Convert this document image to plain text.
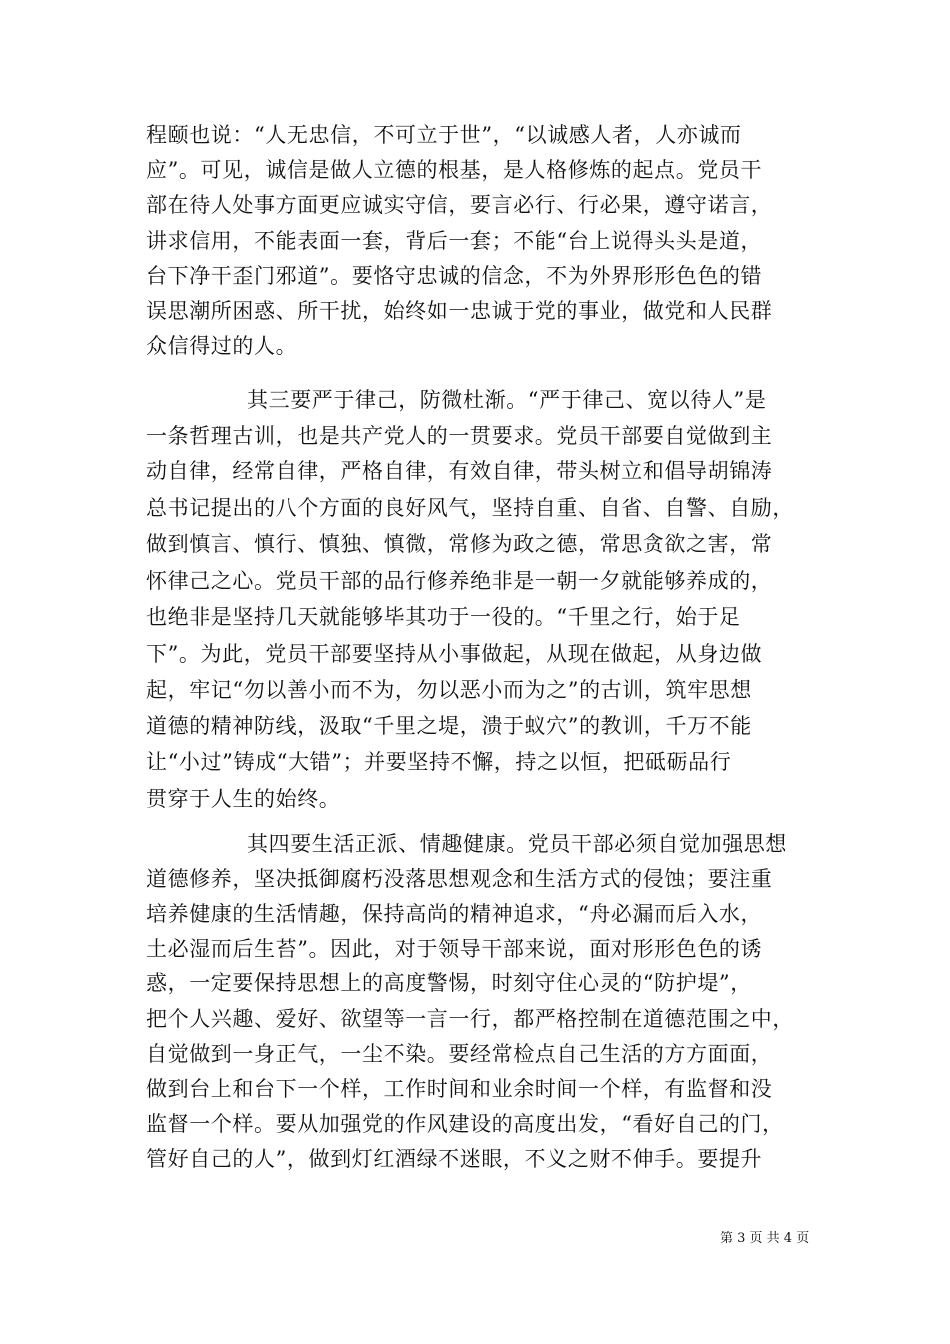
程颐也说：“人无忠信，不可立于世”，“以诚感人者，人亦诚而
应”。可见，诚信是做人立德的根基，是人格修炼的起点。党员干
部在待人处事方面更应诚实守信，要言必行、行必果，遵守诺言，
讲求信用，不能表面一套，背后一套；不能“台上说得头头是道，
台下净干歪门邪道”。要恪守忠诚的信念，不为外界形形色色的错
误思潮所困惑、所干扰，始终如一忠诚于党的事业，做党和人民群
众信得过的人。
其三要严于律己，防微杜渐。“严于律己、宽以待人”是
一条哲理古训，也是共产党人的一贯要求。党员干部要自觉做到主
动自律，经常自律，严格自律，有效自律，带头树立和倡导胡锦涛
总书记提出的八个方面的良好风气，坚持自重、自省、自警、自励，
做到慎言、慎行、慎独、慎微，常修为政之德，常思贪欲之害，常
怀律己之心。党员干部的品行修养绝非是一朝一夕就能够养成的，
也绝非是坚持几天就能够毕其功于一役的。“千里之行，始于足
下”。为此，党员干部要坚持从小事做起，从现在做起，从身边做
起，牢记“勿以善小而不为，勿以恶小而为之”的古训，筑牢思想
道德的精神防线，汲取“千里之堤，溃于蚁穴”的教训，千万不能
让“小过”铸成“大错”；并要坚持不懈，持之以恒，把砥砺品行
贯穿于人生的始终。
其四要生活正派、情趣健康。党员干部必须自觉加强思想
道德修养，坚决抵御腐朽没落思想观念和生活方式的侵蚀；要注重
培养健康的生活情趣，保持高尚的精神追求，“舟必漏而后入水，
土必湿而后生苔”。因此，对于领导干部来说，面对形形色色的诱
惑，一定要保持思想上的高度警惕，时刻守住心灵的“防护堤”，
把个人兴趣、爱好、欲望等一言一行，都严格控制在道德范围之中，
自觉做到一身正气，一尘不染。要经常检点自己生活的方方面面，
做到台上和台下一个样，工作时间和业余时间一个样，有监督和没
监督一个样。要从加强党的作风建设的高度出发，“看好自己的门，
管好自己的人”，做到灯红酒绿不迷眼，不义之财不伸手。要提升
第 3 页 共 4 页
